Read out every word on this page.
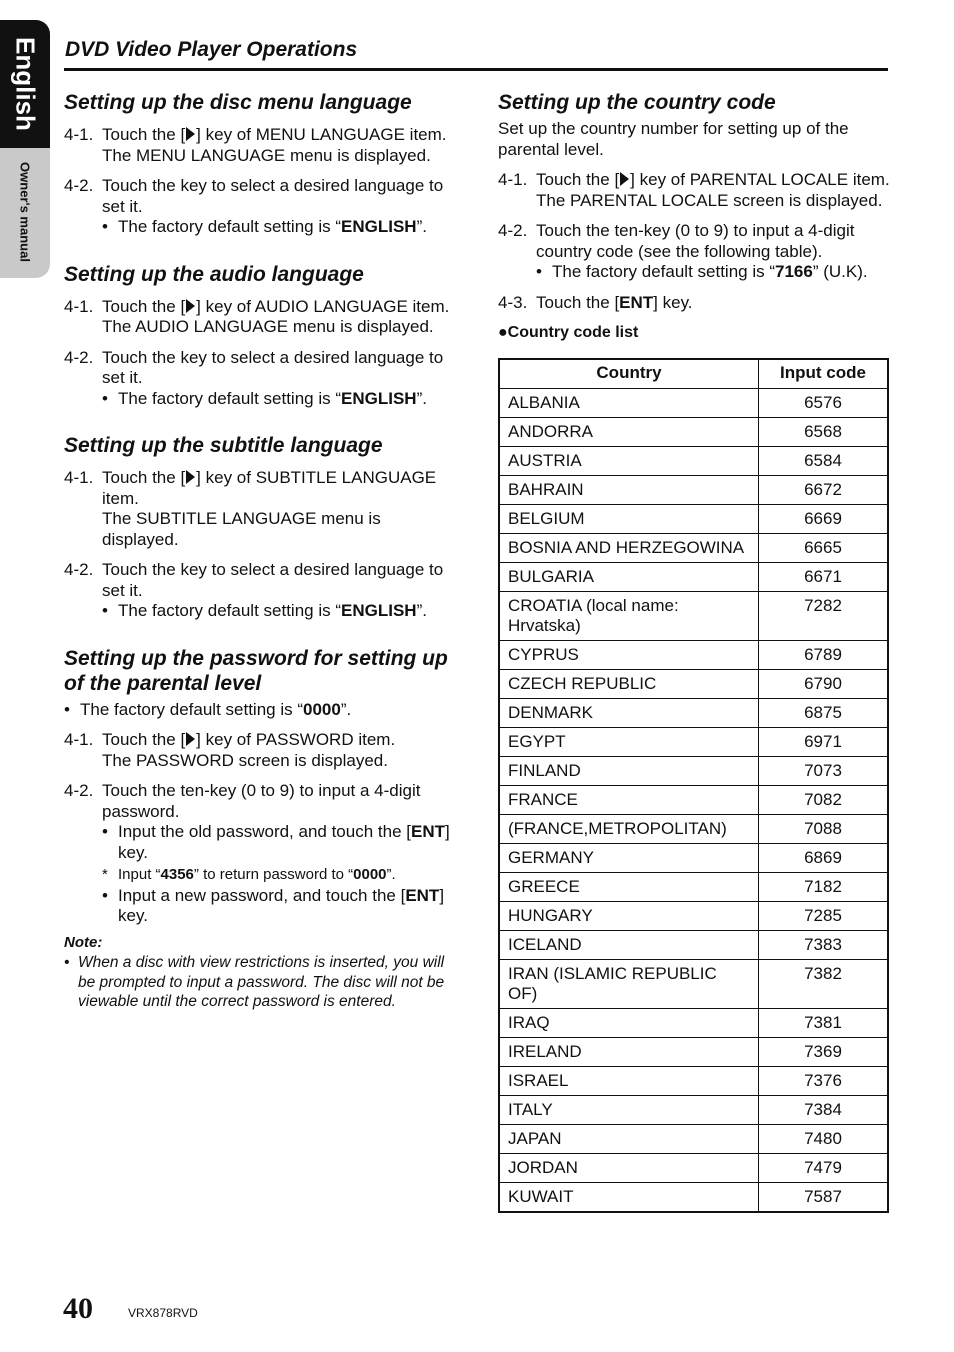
English
Owner's manual
DVD Video Player Operations
Setting up the disc menu language
4-1. Touch the [ ] key of MENU LANGUAGE item.
The MENU LANGUAGE menu is displayed.
4-2. Touch the key to select a desired language to set it.
• The factory default setting is “ENGLISH”.
Setting up the audio language
4-1. Touch the [ ] key of AUDIO LANGUAGE item.
The AUDIO LANGUAGE menu is displayed.
4-2. Touch the key to select a desired language to set it.
• The factory default setting is “ENGLISH”.
Setting up the subtitle language
4-1. Touch the [ ] key of SUBTITLE LANGUAGE item.
The SUBTITLE LANGUAGE menu is displayed.
4-2. Touch the key to select a desired language to set it.
• The factory default setting is “ENGLISH”.
Setting up the password for setting up of the parental level
• The factory default setting is “0000”.
4-1. Touch the [ ] key of PASSWORD item.
The PASSWORD screen is displayed.
4-2. Touch the ten-key (0 to 9) to input a 4-digit password.
• Input the old password, and touch the [ENT] key.
* Input “4356” to return password to “0000”.
• Input a new password, and touch the [ENT] key.
Note:
• When a disc with view restrictions is inserted, you will be prompted to input a password. The disc will not be viewable until the correct password is entered.
Setting up the country code

Set up the country number for setting up of the parental level.

4-1. Touch the [ ] key of PARENTAL LOCALE item.
The PARENTAL LOCALE screen is displayed.
4-2. Touch the ten-key (0 to 9) to input a 4-digit country code (see the following table).
• The factory default setting is “7166” (U.K).
4-3. Touch the [ENT] key.
●Country code list
Country	Input code
ALBANIA	6576
ANDORRA	6568
AUSTRIA	6584
BAHRAIN	6672
BELGIUM	6669
BOSNIA AND HERZEGOWINA	6665
BULGARIA	6671
CROATIA (local name: Hrvatska)	7282
CYPRUS	6789
CZECH REPUBLIC	6790
DENMARK	6875
EGYPT	6971
FINLAND	7073
FRANCE	7082
(FRANCE,METROPOLITAN)	7088
GERMANY	6869
GREECE	7182
HUNGARY	7285
ICELAND	7383
IRAN (ISLAMIC REPUBLIC OF)	7382
IRAQ	7381
IRELAND	7369
ISRAEL	7376
ITALY	7384
JAPAN	7480
JORDAN	7479
KUWAIT	7587
40	VRX878RVD
